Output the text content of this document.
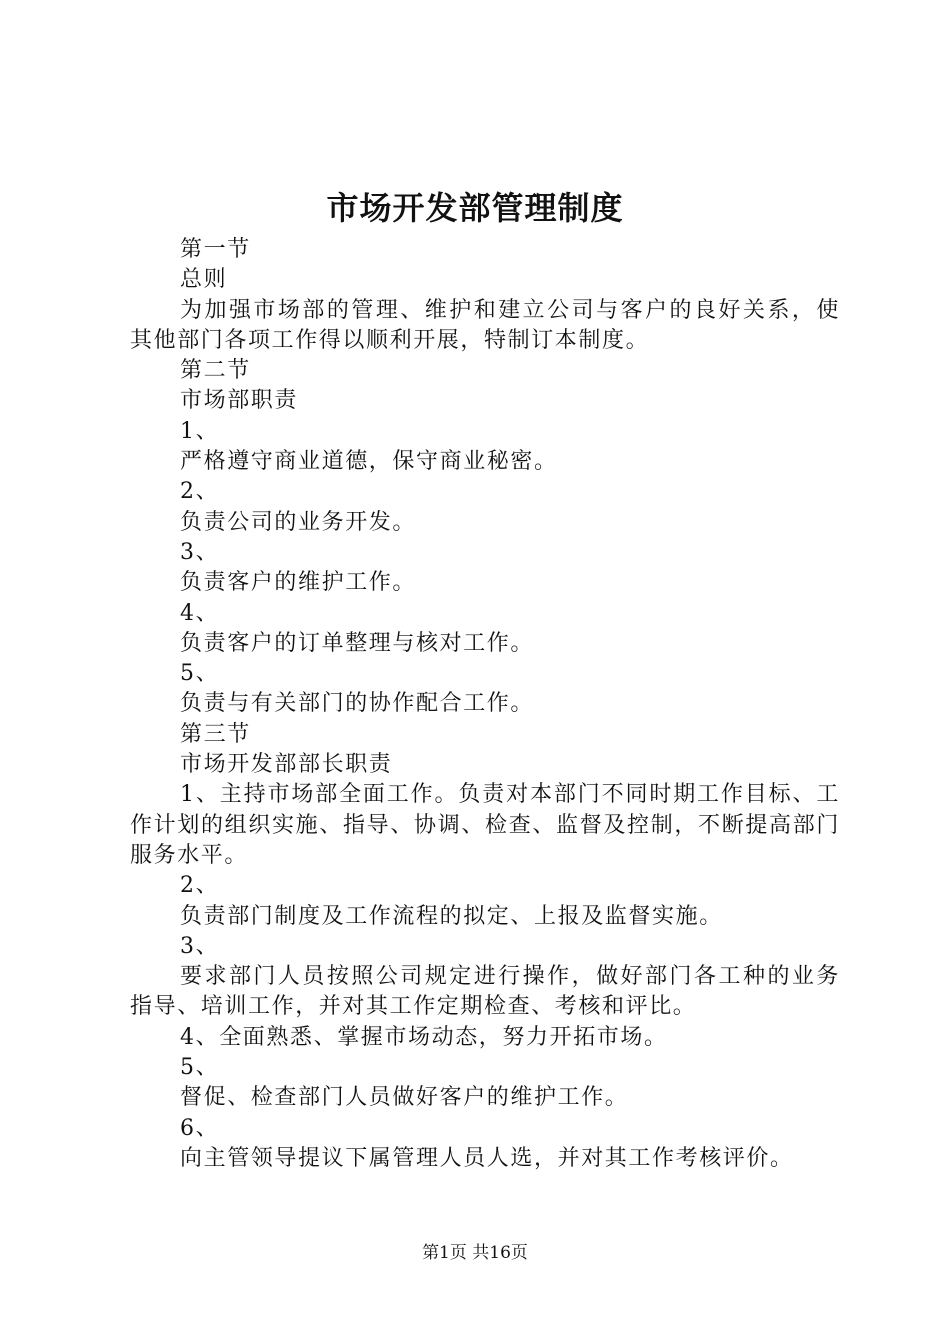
市场开发部管理制度

第一节

总则

为加强市场部的管理、维护和建立公司与客户的良好关系，使其他部门各项工作得以顺利开展，特制订本制度。

第二节

市场部职责

1、

严格遵守商业道德，保守商业秘密。

2、

负责公司的业务开发。

3、

负责客户的维护工作。

4、

负责客户的订单整理与核对工作。

5、

负责与有关部门的协作配合工作。

第三节

市场开发部部长职责

1、主持市场部全面工作。负责对本部门不同时期工作目标、工作计划的组织实施、指导、协调、检查、监督及控制，不断提高部门服务水平。

2、

负责部门制度及工作流程的拟定、上报及监督实施。

3、

要求部门人员按照公司规定进行操作，做好部门各工种的业务指导、培训工作，并对其工作定期检查、考核和评比。

4、全面熟悉、掌握市场动态，努力开拓市场。

5、

督促、检查部门人员做好客户的维护工作。

6、

向主管领导提议下属管理人员人选，并对其工作考核评价。

第1页 共16页
